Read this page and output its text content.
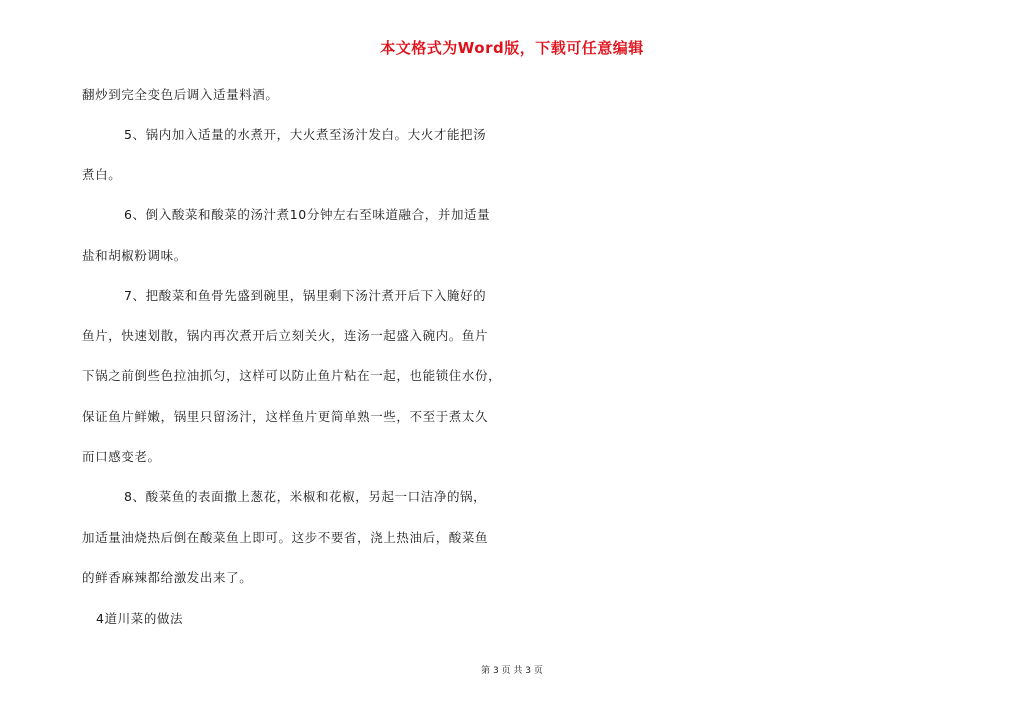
本文格式为Word版，下载可任意编辑
翻炒到完全变色后调入适量料酒。
5、锅内加入适量的水煮开，大火煮至汤汁发白。大火才能把汤
煮白。
6、倒入酸菜和酸菜的汤汁煮10分钟左右至味道融合，并加适量
盐和胡椒粉调味。
7、把酸菜和鱼骨先盛到碗里，锅里剩下汤汁煮开后下入腌好的
鱼片，快速划散，锅内再次煮开后立刻关火，连汤一起盛入碗内。鱼片
下锅之前倒些色拉油抓匀，这样可以防止鱼片粘在一起，也能锁住水份，
保证鱼片鲜嫩，锅里只留汤汁，这样鱼片更简单熟一些，不至于煮太久
而口感变老。
8、酸菜鱼的表面撒上葱花，米椒和花椒，另起一口洁净的锅，
加适量油烧热后倒在酸菜鱼上即可。这步不要省，浇上热油后，酸菜鱼
的鲜香麻辣都给激发出来了。
4道川菜的做法
第 3 页 共 3 页
